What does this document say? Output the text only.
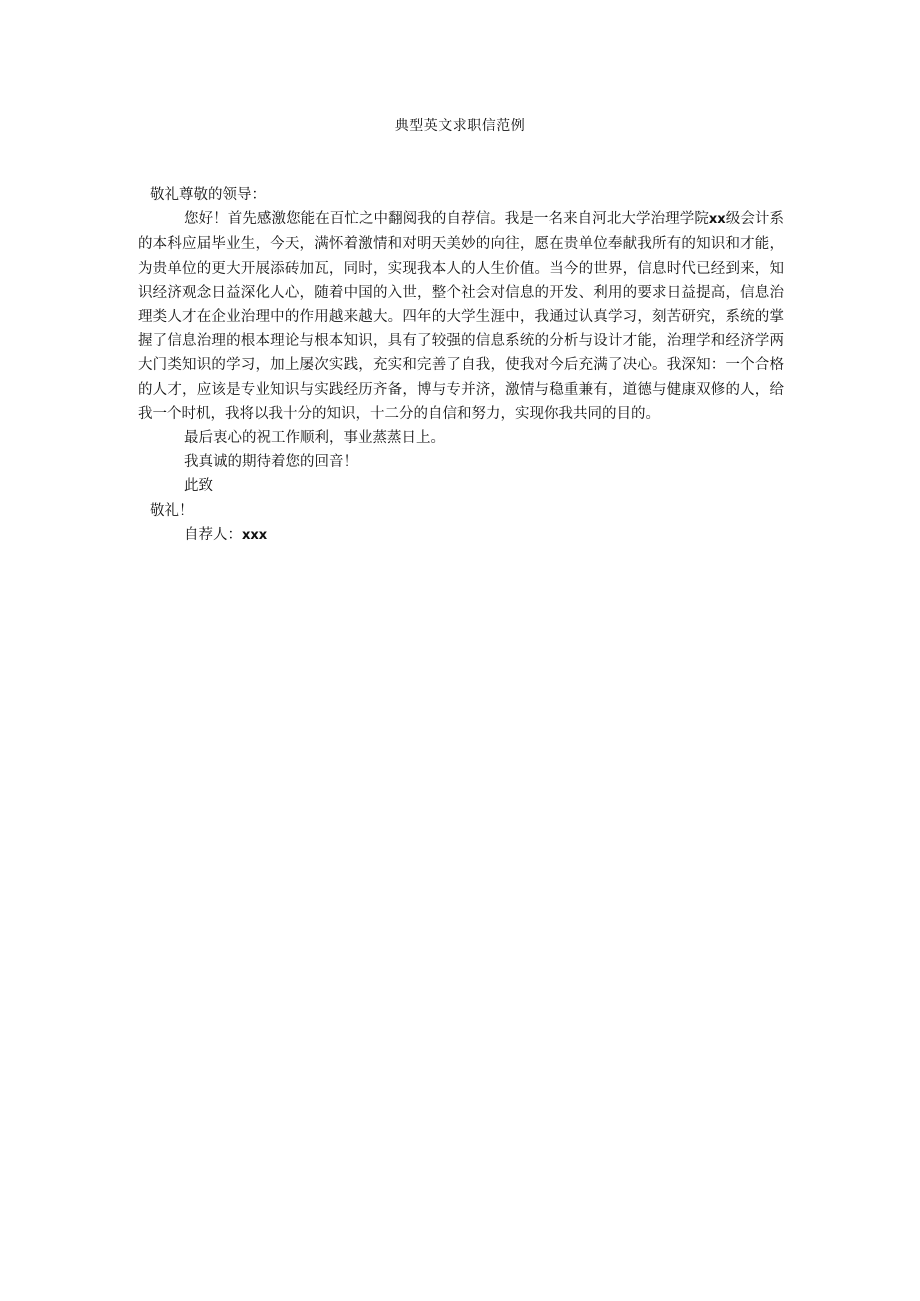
典型英文求职信范例

敬礼尊敬的领导：

您好！首先感激您能在百忙之中翻阅我的自荐信。我是一名来自河北大学治理学院xx级会计系的本科应届毕业生，今天，满怀着激情和对明天美妙的向往，愿在贵单位奉献我所有的知识和才能，为贵单位的更大开展添砖加瓦，同时，实现我本人的人生价值。当今的世界，信息时代已经到来，知识经济观念日益深化人心，随着中国的入世，整个社会对信息的开发、利用的要求日益提高，信息治理类人才在企业治理中的作用越来越大。四年的大学生涯中，我通过认真学习，刻苦研究，系统的掌握了信息治理的根本理论与根本知识，具有了较强的信息系统的分析与设计才能，治理学和经济学两大门类知识的学习，加上屡次实践，充实和完善了自我，使我对今后充满了决心。我深知：一个合格的人才，应该是专业知识与实践经历齐备，博与专并济，激情与稳重兼有，道德与健康双修的人，给我一个时机，我将以我十分的知识，十二分的自信和努力，实现你我共同的目的。

最后衷心的祝工作顺利，事业蒸蒸日上。

我真诚的期待着您的回音！

此致

敬礼！

自荐人：xxx
